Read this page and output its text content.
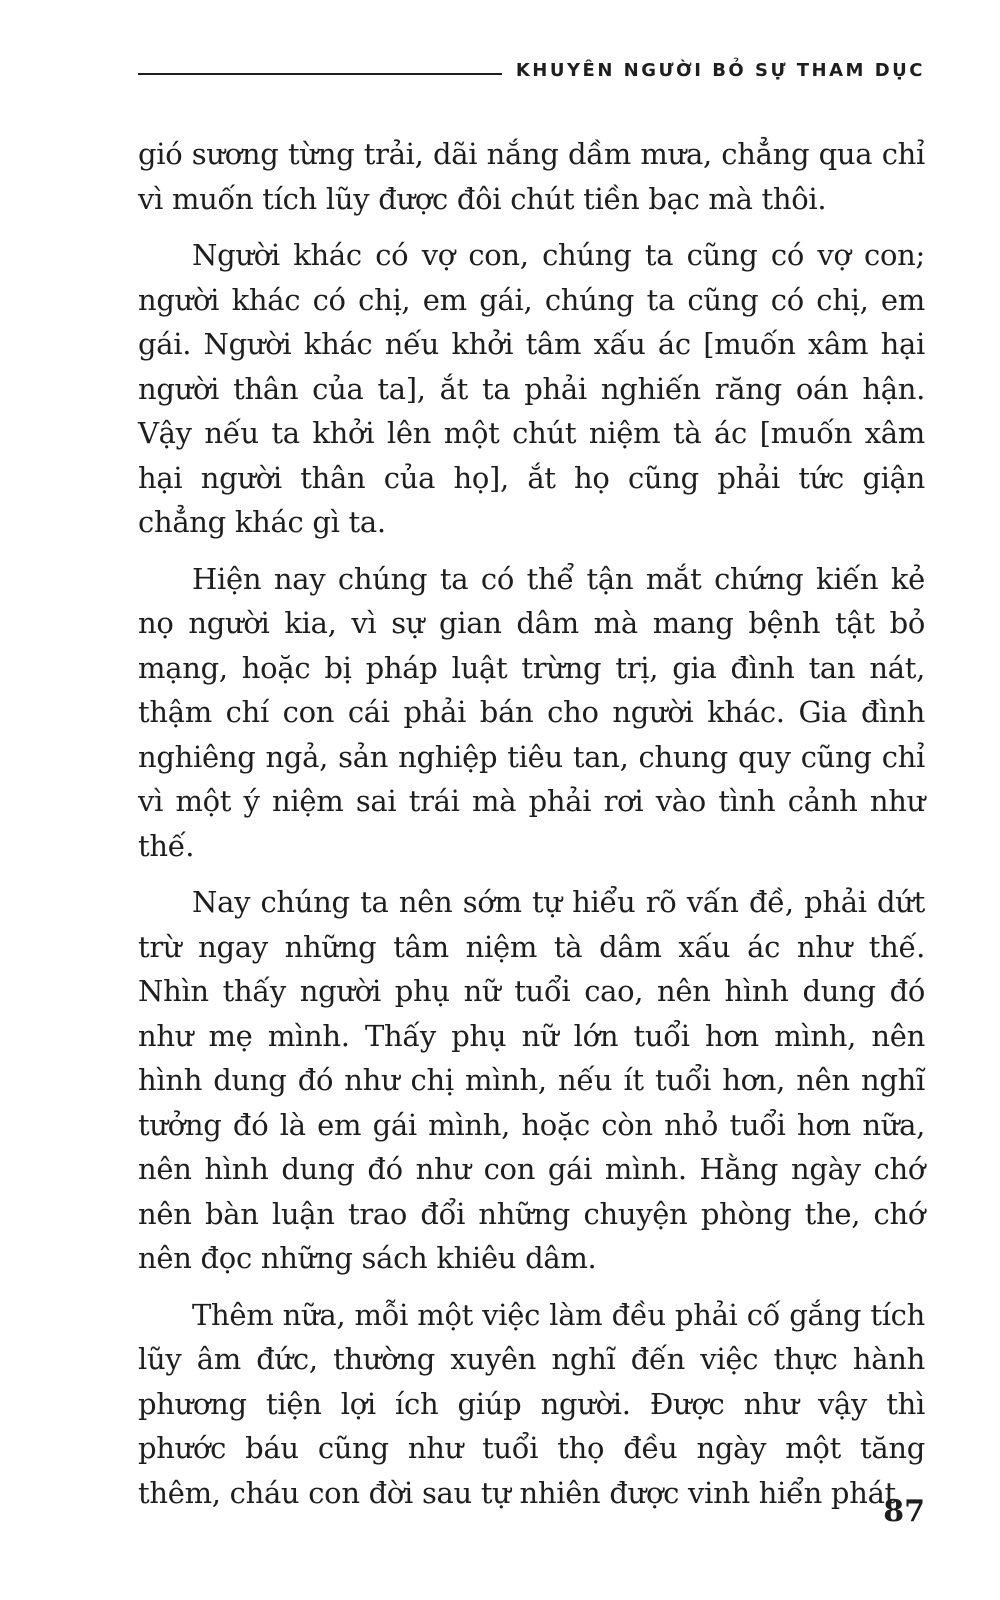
KHUYÊN NGƯỜI BỎ SỰ THAM DỤC

gió sương từng trải, dãi nắng dầm mưa, chẳng qua chỉ vì muốn tích lũy được đôi chút tiền bạc mà thôi.

Người khác có vợ con, chúng ta cũng có vợ con; người khác có chị, em gái, chúng ta cũng có chị, em gái. Người khác nếu khởi tâm xấu ác [muốn xâm hại người thân của ta], ắt ta phải nghiến răng oán hận. Vậy nếu ta khởi lên một chút niệm tà ác [muốn xâm hại người thân của họ], ắt họ cũng phải tức giận chẳng khác gì ta.

Hiện nay chúng ta có thể tận mắt chứng kiến kẻ nọ người kia, vì sự gian dâm mà mang bệnh tật bỏ mạng, hoặc bị pháp luật trừng trị, gia đình tan nát, thậm chí con cái phải bán cho người khác. Gia đình nghiêng ngả, sản nghiệp tiêu tan, chung quy cũng chỉ vì một ý niệm sai trái mà phải rơi vào tình cảnh như thế.

Nay chúng ta nên sớm tự hiểu rõ vấn đề, phải dứt trừ ngay những tâm niệm tà dâm xấu ác như thế. Nhìn thấy người phụ nữ tuổi cao, nên hình dung đó như mẹ mình. Thấy phụ nữ lớn tuổi hơn mình, nên hình dung đó như chị mình, nếu ít tuổi hơn, nên nghĩ tưởng đó là em gái mình, hoặc còn nhỏ tuổi hơn nữa, nên hình dung đó như con gái mình. Hằng ngày chớ nên bàn luận trao đổi những chuyện phòng the, chớ nên đọc những sách khiêu dâm.

Thêm nữa, mỗi một việc làm đều phải cố gắng tích lũy âm đức, thường xuyên nghĩ đến việc thực hành phương tiện lợi ích giúp người. Được như vậy thì phước báu cũng như tuổi thọ đều ngày một tăng thêm, cháu con đời sau tự nhiên được vinh hiển phát

87
